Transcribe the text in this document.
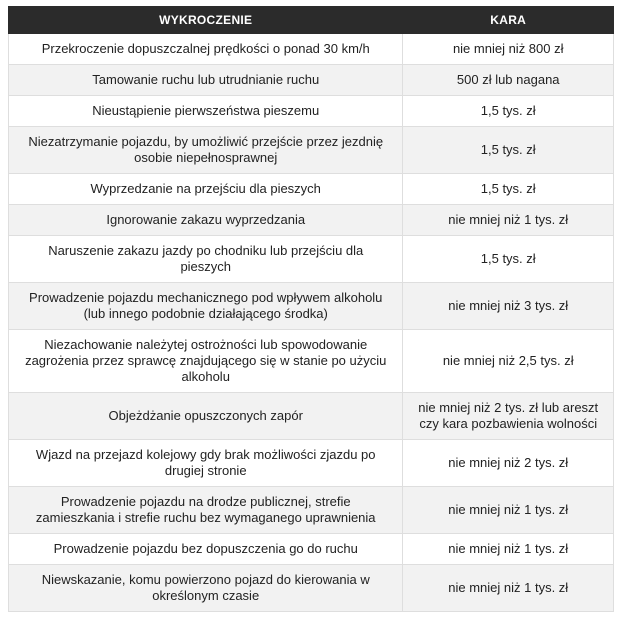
WYKROCZENIE	KARA
Przekroczenie dopuszczalnej prędkości o ponad 30 km/h	nie mniej niż 800 zł
Tamowanie ruchu lub utrudnianie ruchu	500 zł lub nagana
Nieustąpienie pierwszeństwa pieszemu	1,5 tys. zł
Niezatrzymanie pojazdu, by umożliwić przejście przez jezdnię osobie niepełnosprawnej	1,5 tys. zł
Wyprzedzanie na przejściu dla pieszych	1,5 tys. zł
Ignorowanie zakazu wyprzedzania	nie mniej niż 1 tys. zł
Naruszenie zakazu jazdy po chodniku lub przejściu dla pieszych	1,5 tys. zł
Prowadzenie pojazdu mechanicznego pod wpływem alkoholu (lub innego podobnie działającego środka)	nie mniej niż 3 tys. zł
Niezachowanie należytej ostrożności lub spowodowanie zagrożenia przez sprawcę znajdującego się w stanie po użyciu alkoholu	nie mniej niż 2,5 tys. zł
Objeżdżanie opuszczonych zapór	nie mniej niż 2 tys. zł lub areszt czy kara pozbawienia wolności
Wjazd na przejazd kolejowy gdy brak możliwości zjazdu po drugiej stronie	nie mniej niż 2 tys. zł
Prowadzenie pojazdu na drodze publicznej, strefie zamieszkania i strefie ruchu bez wymaganego uprawnienia	nie mniej niż 1 tys. zł
Prowadzenie pojazdu bez dopuszczenia go do ruchu	nie mniej niż 1 tys. zł
Niewskazanie, komu powierzono pojazd do kierowania w określonym czasie	nie mniej niż 1 tys. zł
